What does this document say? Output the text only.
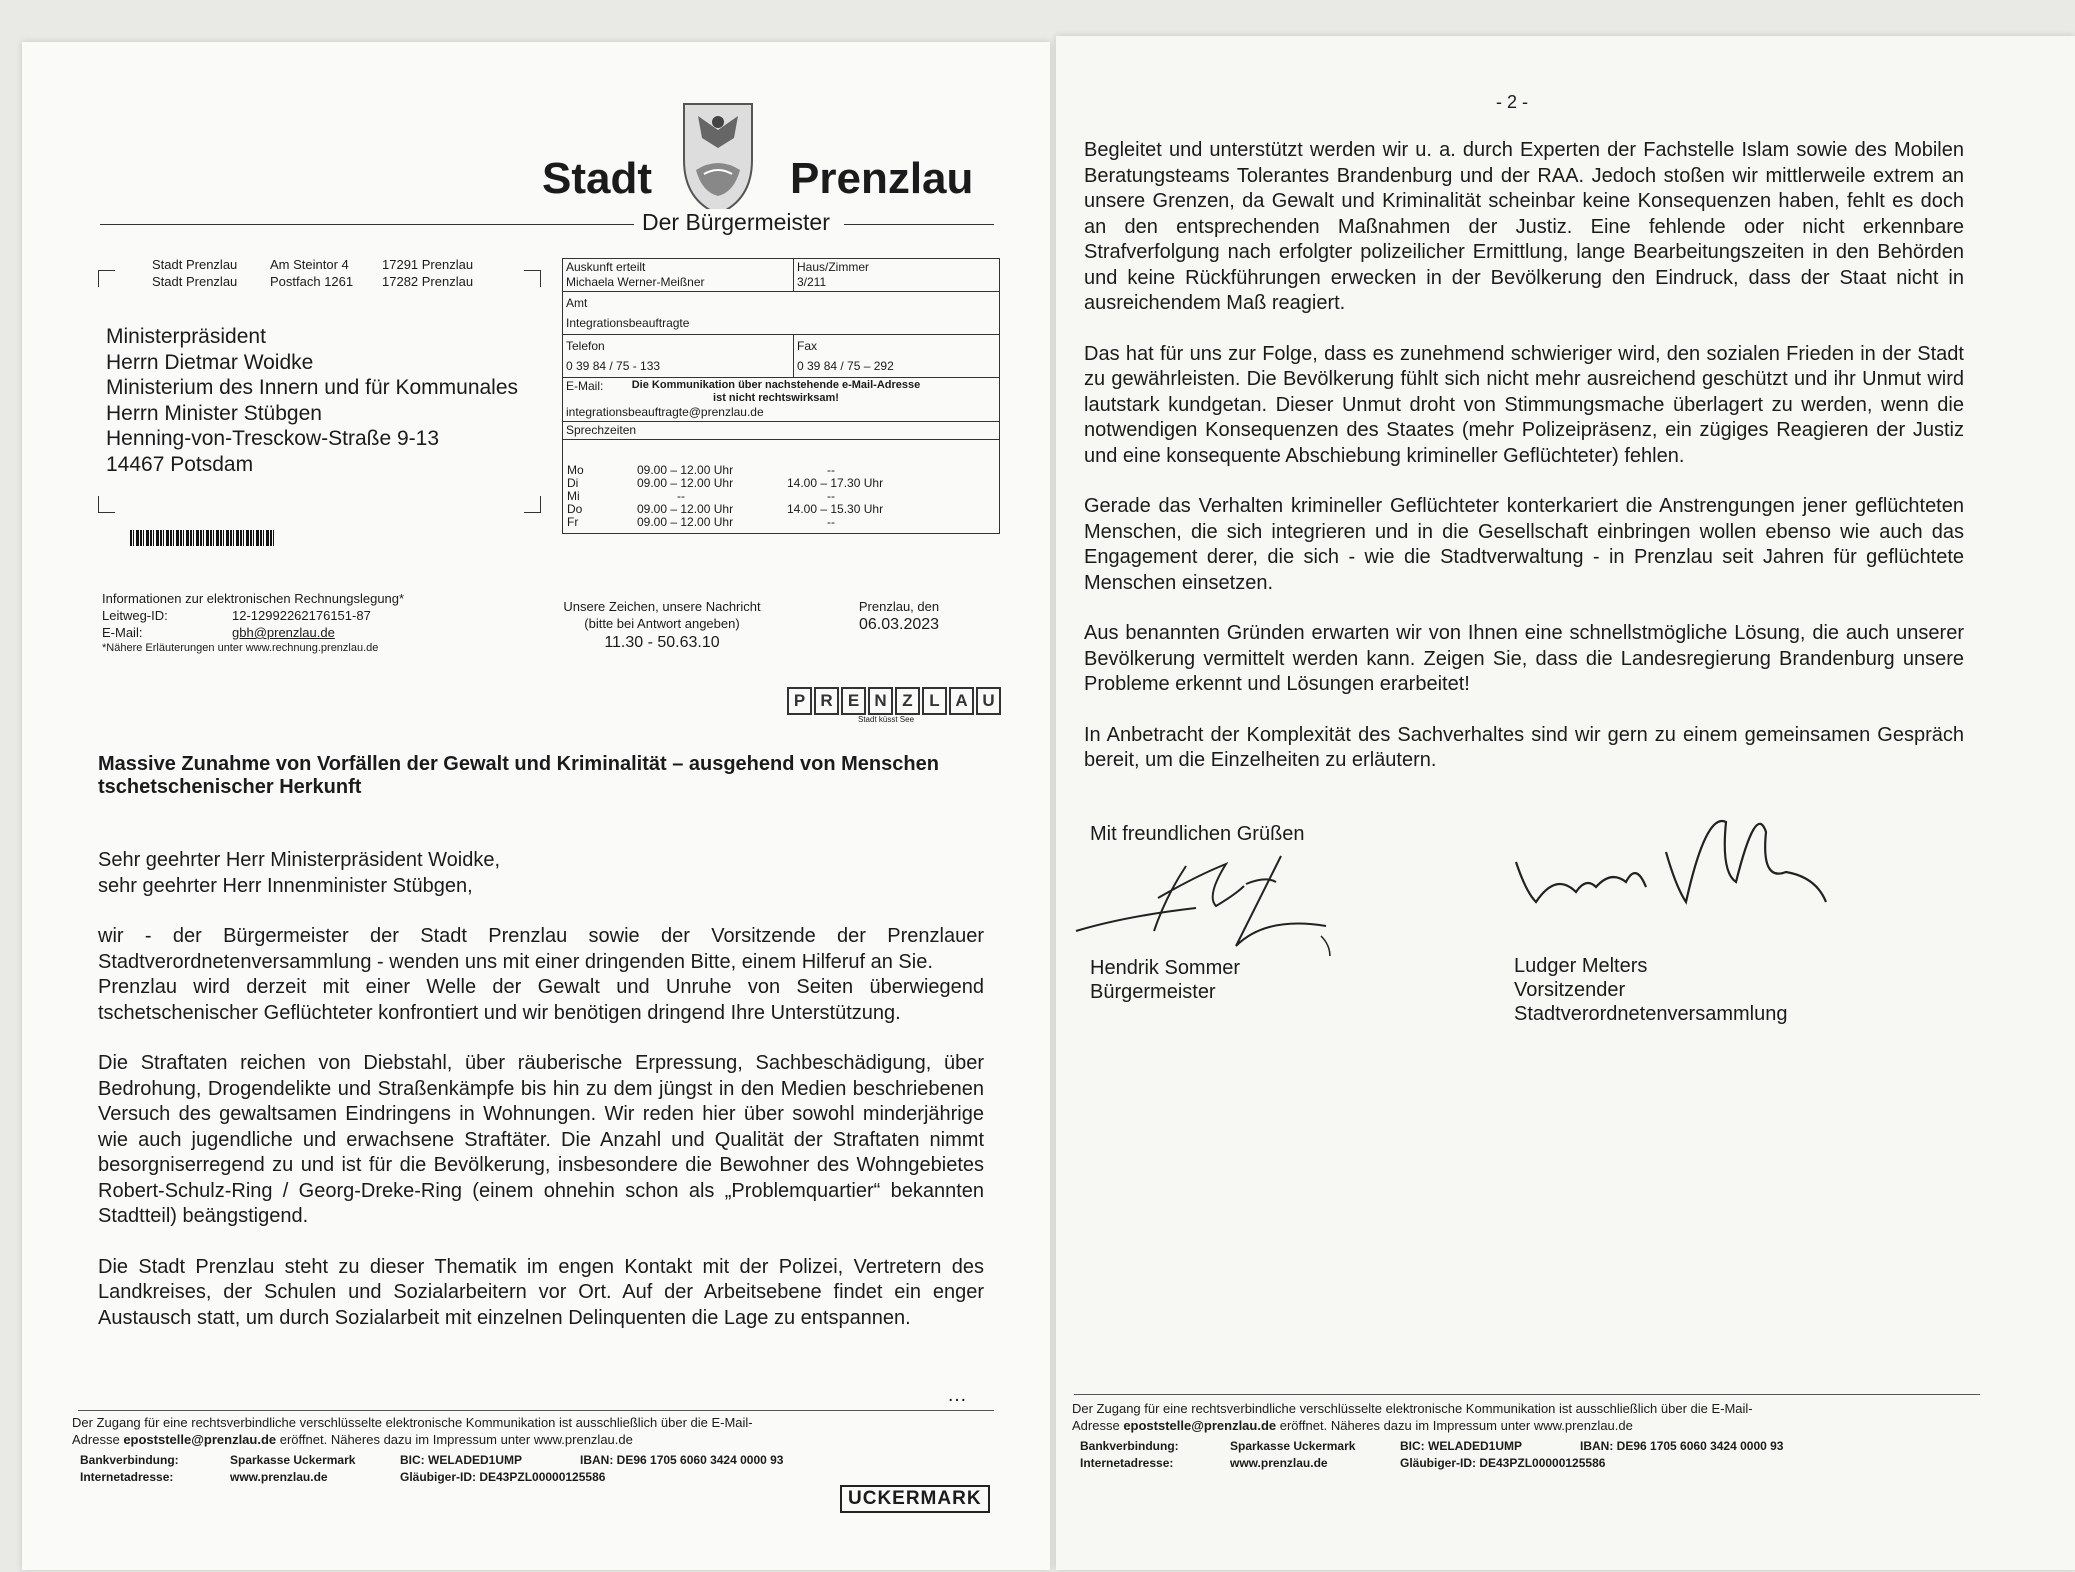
Stadt	Prenzlau
Der Bürgermeister
Stadt Prenzlau	Am Steintor 4	17291 Prenzlau
Stadt Prenzlau	Postfach 1261	17282 Prenzlau
Ministerpräsident
Herrn Dietmar Woidke
Ministerium des Innern und für Kommunales
Herrn Minister Stübgen
Henning-von-Tresckow-Straße 9-13
14467 Potsdam
Auskunft erteilt
Michaela Werner-Meißner
Haus/Zimmer
3/211
Amt
Integrationsbeauftragte
Telefon
0 39 84 / 75 - 133
Fax
0 39 84 / 75 – 292
E-Mail:	Die Kommunikation über nachstehende e-Mail-Adresse ist nicht rechtswirksam!
integrationsbeauftragte@prenzlau.de
Sprechzeiten
Mo	09.00 – 12.00 Uhr	--
Di	09.00 – 12.00 Uhr	14.00 – 17.30 Uhr
Mi	--	--
Do	09.00 – 12.00 Uhr	14.00 – 15.30 Uhr
Fr	09.00 – 12.00 Uhr	--
Informationen zur elektronischen Rechnungslegung*
Leitweg-ID:	12-12992262176151-87
E-Mail:	gbh@prenzlau.de
*Nähere Erläuterungen unter www.rechnung.prenzlau.de
Unsere Zeichen, unsere Nachricht
(bitte bei Antwort angeben)
11.30 - 50.63.10
Prenzlau, den
06.03.2023
P R E N Z L A U
Stadt küsst See
Massive Zunahme von Vorfällen der Gewalt und Kriminalität – ausgehend von Menschen tschetschenischer Herkunft

Sehr geehrter Herr Ministerpräsident Woidke,
sehr geehrter Herr Innenminister Stübgen,

wir - der Bürgermeister der Stadt Prenzlau sowie der Vorsitzende der Prenzlauer Stadtverordnetenversammlung - wenden uns mit einer dringenden Bitte, einem Hilferuf an Sie.

Prenzlau wird derzeit mit einer Welle der Gewalt und Unruhe von Seiten überwiegend tschetschenischer Geflüchteter konfrontiert und wir benötigen dringend Ihre Unterstützung.

Die Straftaten reichen von Diebstahl, über räuberische Erpressung, Sachbeschädigung, über Bedrohung, Drogendelikte und Straßenkämpfe bis hin zu dem jüngst in den Medien beschriebenen Versuch des gewaltsamen Eindringens in Wohnungen. Wir reden hier über sowohl minderjährige wie auch jugendliche und erwachsene Straftäter. Die Anzahl und Qualität der Straftaten nimmt besorgniserregend zu und ist für die Bevölkerung, insbesondere die Bewohner des Wohngebietes Robert-Schulz-Ring / Georg-Dreke-Ring (einem ohnehin schon als „Problemquartier“ bekannten Stadtteil) beängstigend.

Die Stadt Prenzlau steht zu dieser Thematik im engen Kontakt mit der Polizei, Vertretern des Landkreises, der Schulen und Sozialarbeitern vor Ort. Auf der Arbeitsebene findet ein enger Austausch statt, um durch Sozialarbeit mit einzelnen Delinquenten die Lage zu entspannen.

…
Der Zugang für eine rechtsverbindliche verschlüsselte elektronische Kommunikation ist ausschließlich über die E-Mail-
Adresse epoststelle@prenzlau.de eröffnet. Näheres dazu im Impressum unter www.prenzlau.de
Bankverbindung:	Sparkasse Uckermark	BIC: WELADED1UMP	IBAN: DE96 1705 6060 3424 0000 93
Internetadresse:	www.prenzlau.de	Gläubiger-ID: DE43PZL00000125586
UCKERMARK
- 2 -

Begleitet und unterstützt werden wir u. a. durch Experten der Fachstelle Islam sowie des Mobilen Beratungsteams Tolerantes Brandenburg und der RAA. Jedoch stoßen wir mittlerweile extrem an unsere Grenzen, da Gewalt und Kriminalität scheinbar keine Konsequenzen haben, fehlt es doch an den entsprechenden Maßnahmen der Justiz. Eine fehlende oder nicht erkennbare Strafverfolgung nach erfolgter polizeilicher Ermittlung, lange Bearbeitungszeiten in den Behörden und keine Rückführungen erwecken in der Bevölkerung den Eindruck, dass der Staat nicht in ausreichendem Maß reagiert.

Das hat für uns zur Folge, dass es zunehmend schwieriger wird, den sozialen Frieden in der Stadt zu gewährleisten. Die Bevölkerung fühlt sich nicht mehr ausreichend geschützt und ihr Unmut wird lautstark kundgetan. Dieser Unmut droht von Stimmungsmache überlagert zu werden, wenn die notwendigen Konsequenzen des Staates (mehr Polizeipräsenz, ein zügiges Reagieren der Justiz und eine konsequente Abschiebung krimineller Geflüchteter) fehlen.

Gerade das Verhalten krimineller Geflüchteter konterkariert die Anstrengungen jener geflüchteten Menschen, die sich integrieren und in die Gesellschaft einbringen wollen ebenso wie auch das Engagement derer, die sich - wie die Stadtverwaltung - in Prenzlau seit Jahren für geflüchtete Menschen einsetzen.

Aus benannten Gründen erwarten wir von Ihnen eine schnellstmögliche Lösung, die auch unserer Bevölkerung vermittelt werden kann. Zeigen Sie, dass die Landesregierung Brandenburg unsere Probleme erkennt und Lösungen erarbeitet!

In Anbetracht der Komplexität des Sachverhaltes sind wir gern zu einem gemeinsamen Gespräch bereit, um die Einzelheiten zu erläutern.

Mit freundlichen Grüßen
Hendrik Sommer
Bürgermeister
Ludger Melters
Vorsitzender
Stadtverordnetenversammlung
Der Zugang für eine rechtsverbindliche verschlüsselte elektronische Kommunikation ist ausschließlich über die E-Mail-
Adresse epoststelle@prenzlau.de eröffnet. Näheres dazu im Impressum unter www.prenzlau.de
Bankverbindung:	Sparkasse Uckermark	BIC: WELADED1UMP	IBAN: DE96 1705 6060 3424 0000 93
Internetadresse:	www.prenzlau.de	Gläubiger-ID: DE43PZL00000125586
